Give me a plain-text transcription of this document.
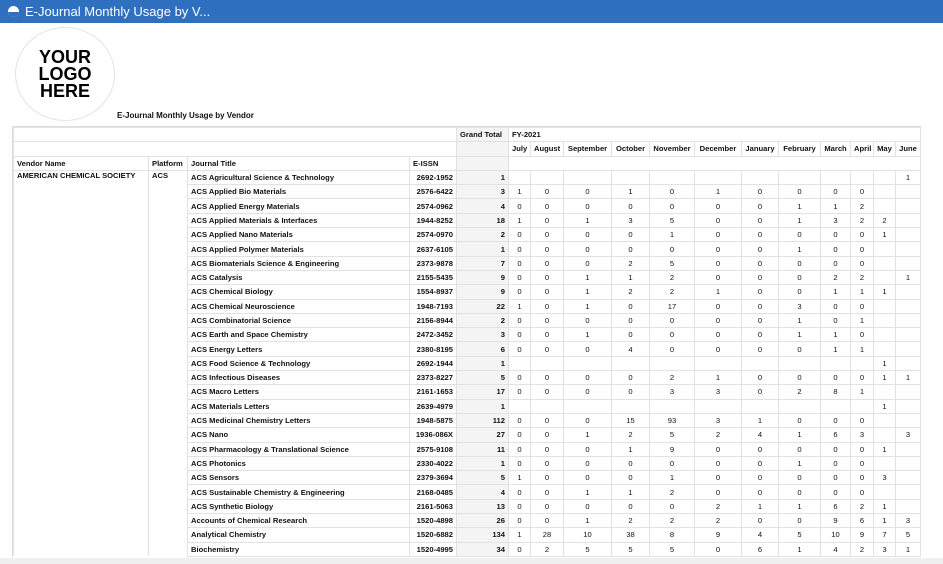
E-Journal Monthly Usage by V...
YOUR
LOGO
HERE
E-Journal Monthly Usage by Vendor
				Grand Total	FY-2021											
					July	August	September	October	November	December	January	February	March	April	May	June
Vendor Name	Platform	Journal Title	E-ISSN													
AMERICAN CHEMICAL SOCIETY	ACS	ACS Agricultural Science & Technology	2692-1952	1												1
		ACS Applied Bio Materials	2576-6422	3	1	0	0	1	0	1	0	0	0	0		
		ACS Applied Energy Materials	2574-0962	4	0	0	0	0	0	0	0	1	1	2		
		ACS Applied Materials & Interfaces	1944-8252	18	1	0	1	3	5	0	0	1	3	2	2	
		ACS Applied Nano Materials	2574-0970	2	0	0	0	0	1	0	0	0	0	0	1	
		ACS Applied Polymer Materials	2637-6105	1	0	0	0	0	0	0	0	1	0	0		
		ACS Biomaterials Science & Engineering	2373-9878	7	0	0	0	2	5	0	0	0	0	0		
		ACS Catalysis	2155-5435	9	0	0	1	1	2	0	0	0	2	2		1
		ACS Chemical Biology	1554-8937	9	0	0	1	2	2	1	0	0	1	1	1	
		ACS Chemical Neuroscience	1948-7193	22	1	0	1	0	17	0	0	3	0	0		
		ACS Combinatorial Science	2156-8944	2	0	0	0	0	0	0	0	1	0	1		
		ACS Earth and Space Chemistry	2472-3452	3	0	0	1	0	0	0	0	1	1	0		
		ACS Energy Letters	2380-8195	6	0	0	0	4	0	0	0	0	1	1		
		ACS Food Science & Technology	2692-1944	1											1	
		ACS Infectious Diseases	2373-8227	5	0	0	0	0	2	1	0	0	0	0	1	1
		ACS Macro Letters	2161-1653	17	0	0	0	0	3	3	0	2	8	1		
		ACS Materials Letters	2639-4979	1											1	
		ACS Medicinal Chemistry Letters	1948-5875	112	0	0	0	15	93	3	1	0	0	0		
		ACS Nano	1936-086X	27	0	0	1	2	5	2	4	1	6	3		3
		ACS Pharmacology & Translational Science	2575-9108	11	0	0	0	1	9	0	0	0	0	0	1	
		ACS Photonics	2330-4022	1	0	0	0	0	0	0	0	1	0	0		
		ACS Sensors	2379-3694	5	1	0	0	0	1	0	0	0	0	0	3	
		ACS Sustainable Chemistry & Engineering	2168-0485	4	0	0	1	1	2	0	0	0	0	0		
		ACS Synthetic Biology	2161-5063	13	0	0	0	0	0	2	1	1	6	2	1	
		Accounts of Chemical Research	1520-4898	26	0	0	1	2	2	2	0	0	9	6	1	3
		Analytical Chemistry	1520-6882	134	1	28	10	38	8	9	4	5	10	9	7	5
		Biochemistry	1520-4995	34	0	2	5	5	5	0	6	1	4	2	3	1
